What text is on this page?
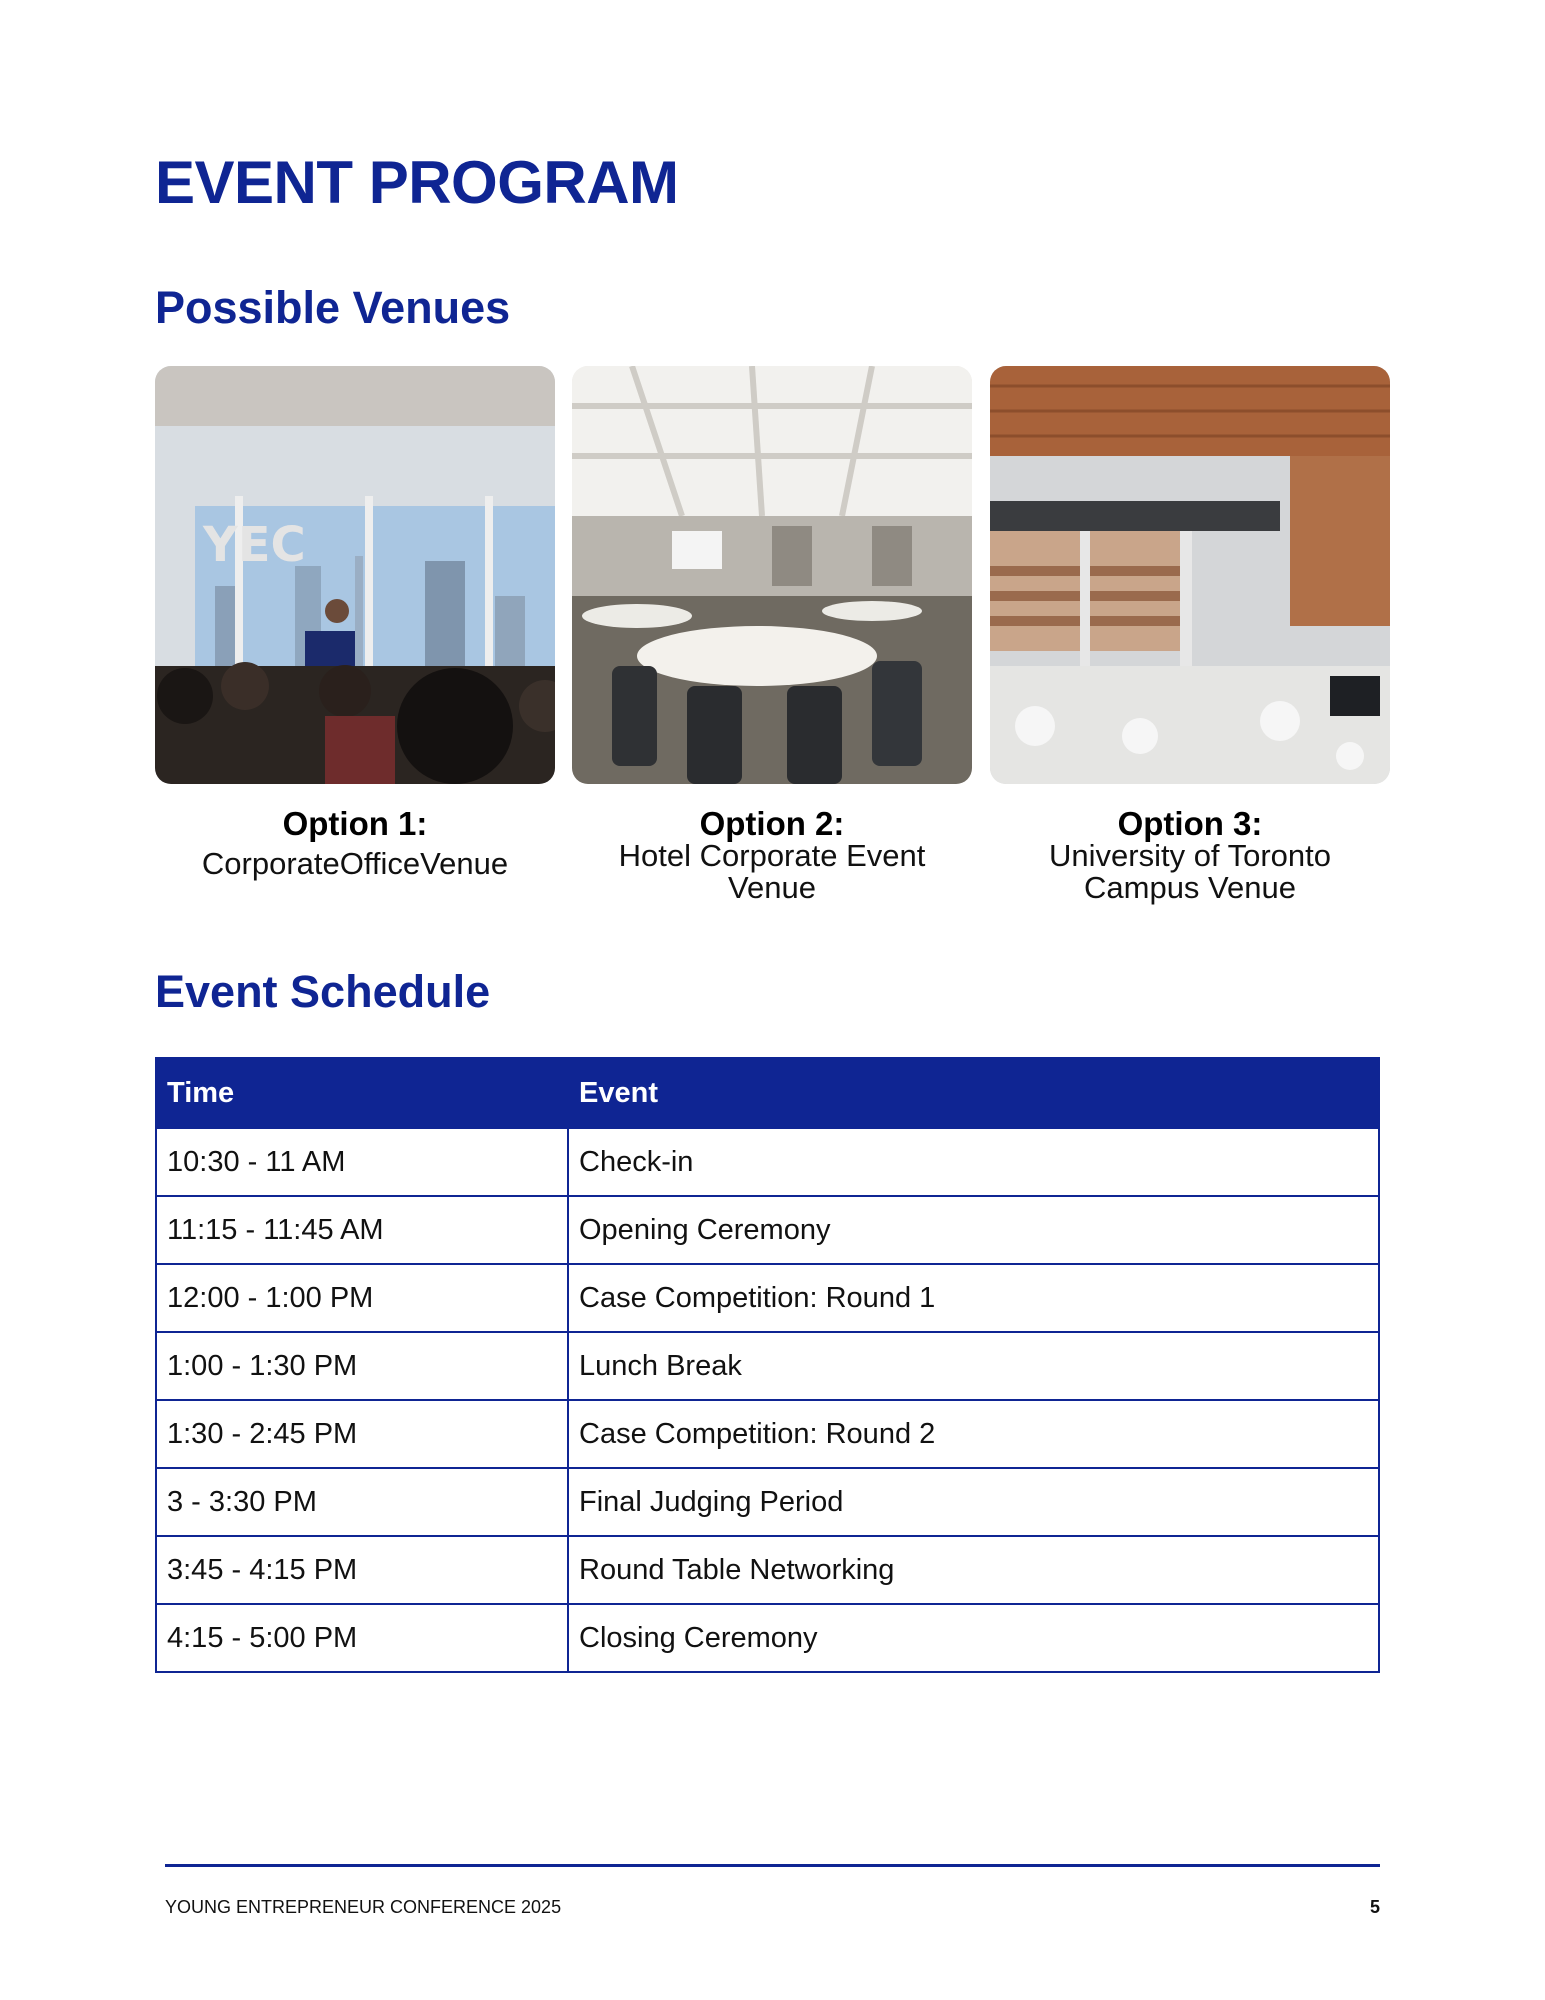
EVENT PROGRAM
Possible Venues
YEC
Option 1:
CorporateOfficeVenue
Option 2:
Hotel Corporate Event Venue
Option 3:
University of Toronto Campus Venue
Event Schedule
Time	Event
10:30 - 11 AM	Check-in
11:15 - 11:45 AM	Opening Ceremony
12:00 - 1:00 PM	Case Competition: Round 1
1:00 - 1:30 PM	Lunch Break
1:30 - 2:45 PM	Case Competition: Round 2
3 - 3:30 PM	Final Judging Period
3:45 - 4:15 PM	Round Table Networking
4:15 - 5:00 PM	Closing Ceremony
YOUNG ENTREPRENEUR CONFERENCE 2025	5
